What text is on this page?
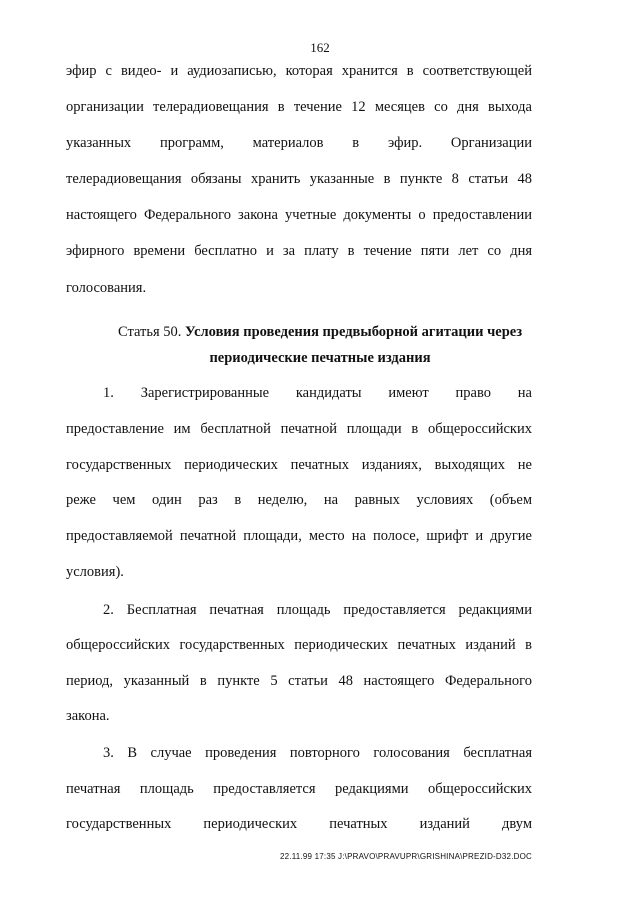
162
эфир с видео- и аудиозаписью, которая хранится в соответствующей
организации телерадиовещания в течение 12 месяцев со дня выхода
указанных программ, материалов в эфир. Организации
телерадиовещания обязаны хранить указанные в пункте 8 статьи 48
настоящего Федерального закона учетные документы о предоставлении
эфирного времени бесплатно и за плату в течение пяти лет со дня
голосования.
Статья 50. Условия проведения предвыборной агитации через
периодические печатные издания
1. Зарегистрированные кандидаты имеют право на
предоставление им бесплатной печатной площади в общероссийских
государственных периодических печатных изданиях, выходящих не
реже чем один раз в неделю, на равных условиях (объем
предоставляемой печатной площади, место на полосе, шрифт и другие
условия).
2. Бесплатная печатная площадь предоставляется редакциями
общероссийских государственных периодических печатных изданий в
период, указанный в пункте 5 статьи 48 настоящего Федерального
закона.
3. В случае проведения повторного голосования бесплатная
печатная площадь предоставляется редакциями общероссийских
государственных периодических печатных изданий двум
22.11.99 17:35 J:\PRAVO\PRAVUPR\GRISHINA\PREZID-D32.DOC
